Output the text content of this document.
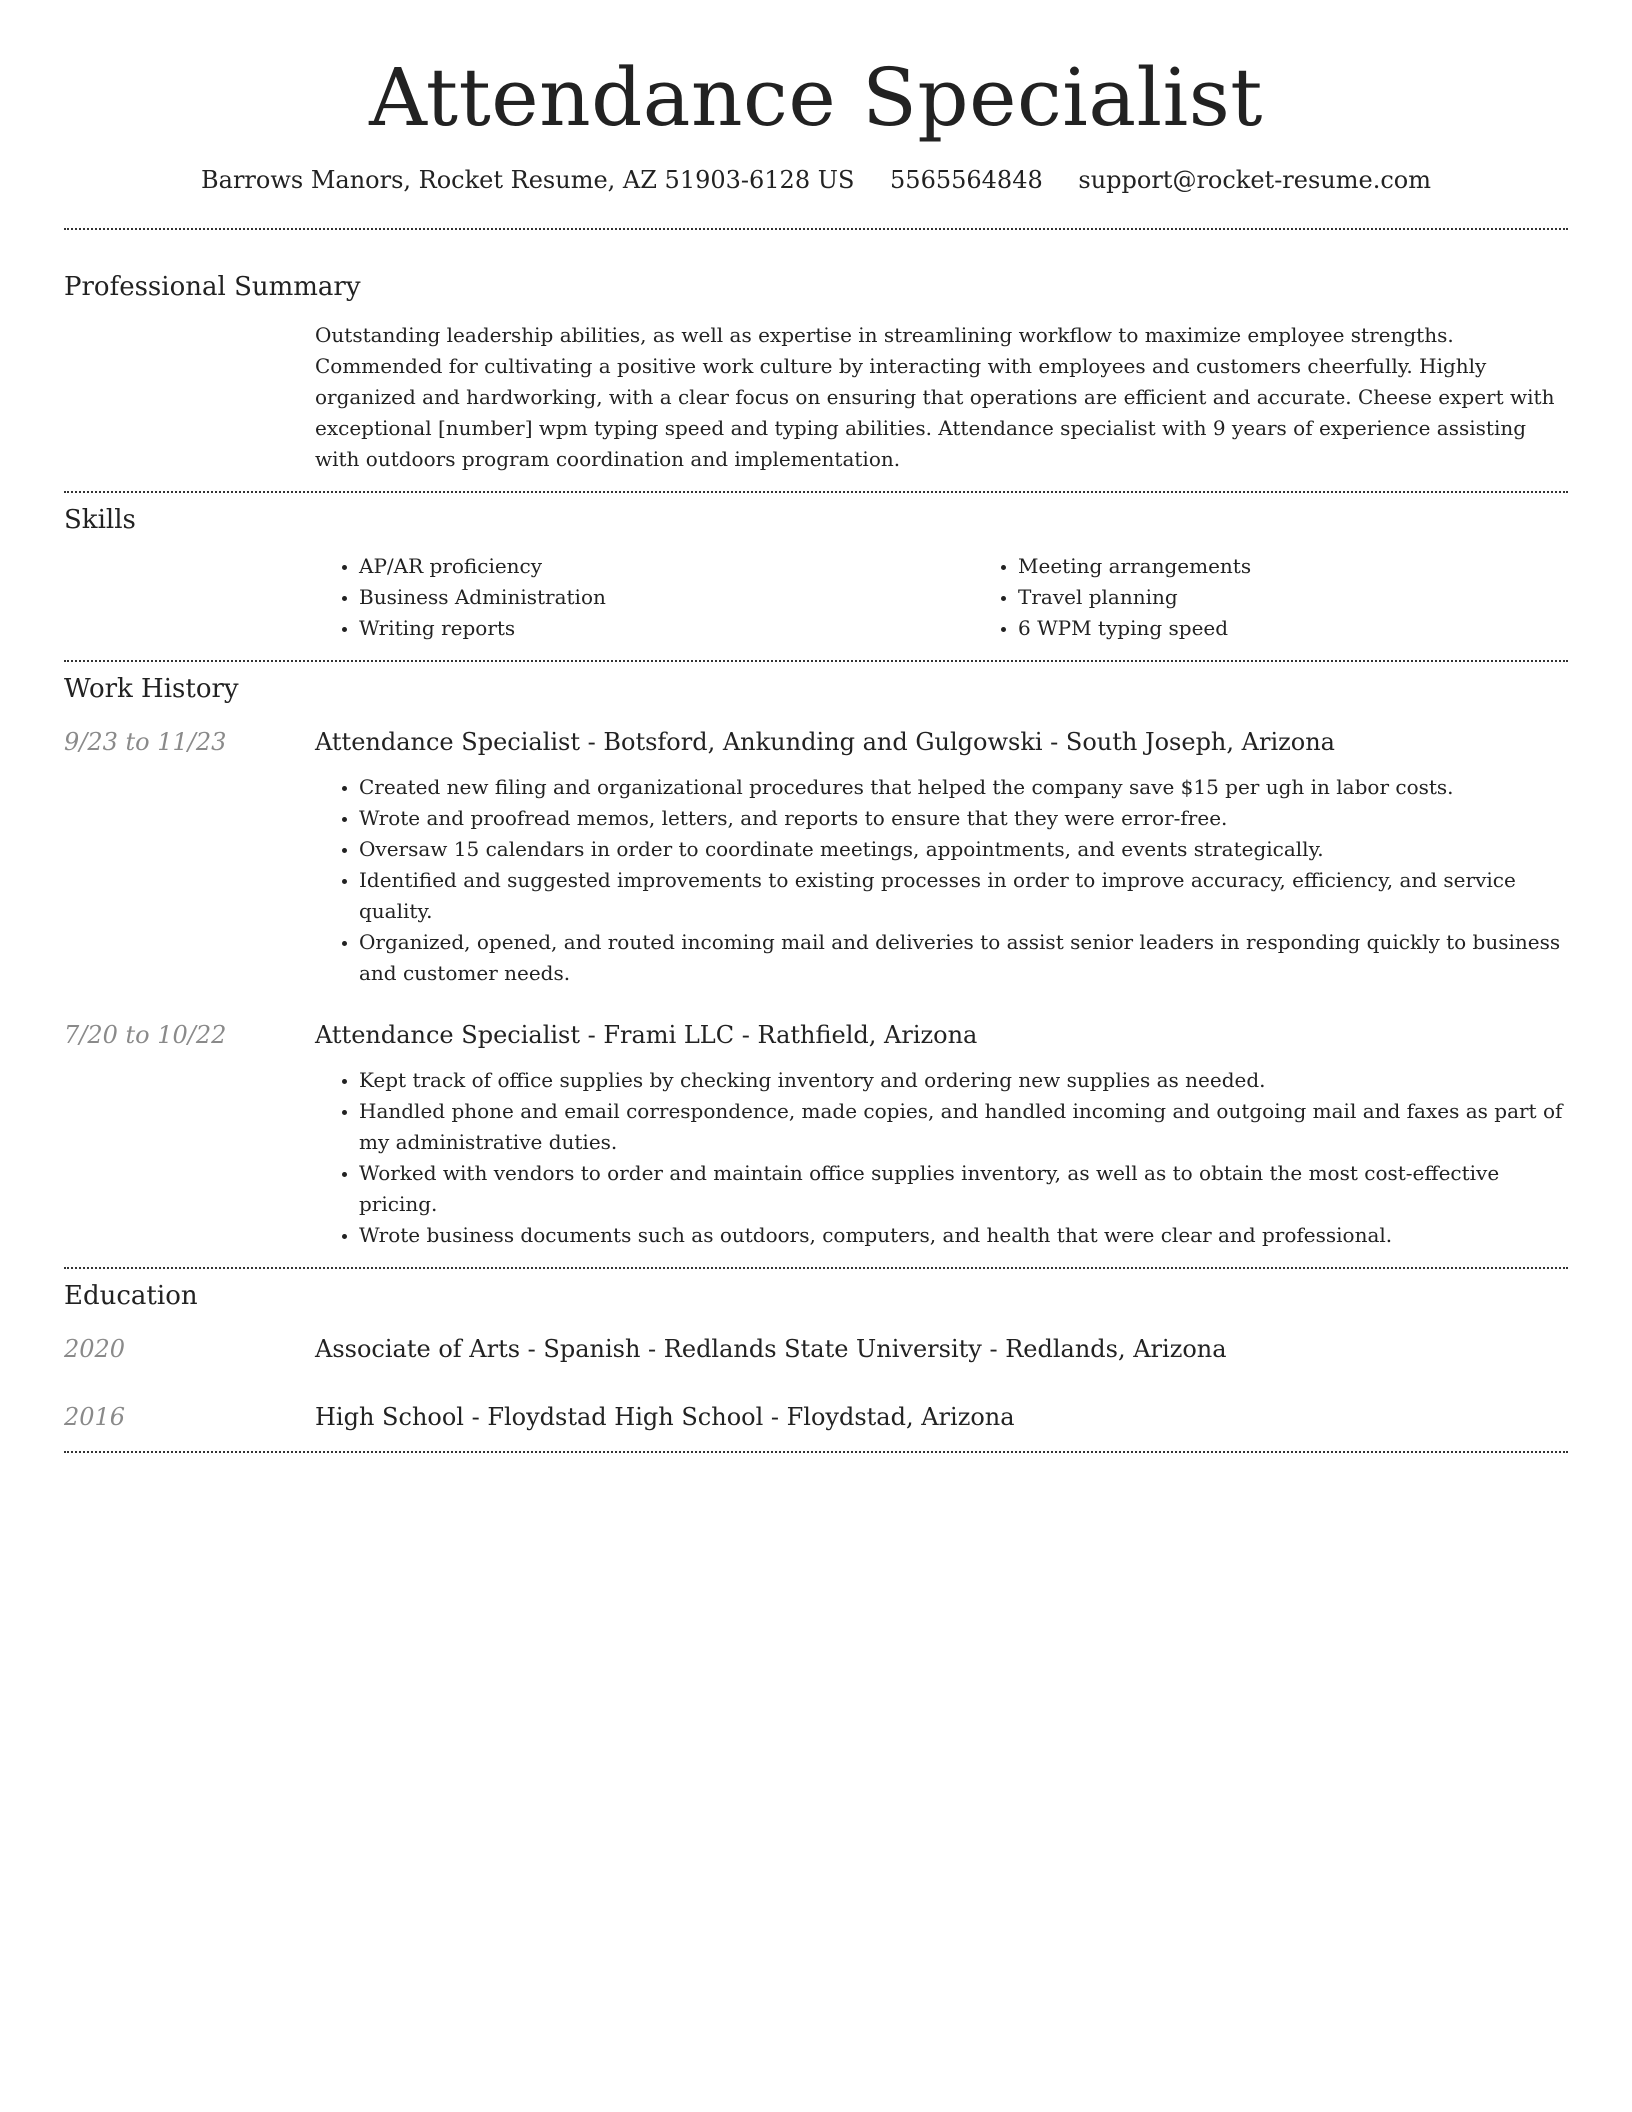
Attendance Specialist
Barrows Manors, Rocket Resume, AZ 51903-6128 US 5565564848 support@rocket-resume.com
Professional Summary

Outstanding leadership abilities, as well as expertise in streamlining workflow to maximize employee strengths. Commended for cultivating a positive work culture by interacting with employees and customers cheerfully. Highly organized and hardworking, with a clear focus on ensuring that operations are efficient and accurate. Cheese expert with exceptional [number] wpm typing speed and typing abilities. Attendance specialist with 9 years of experience assisting with outdoors program coordination and implementation.

Skills
• AP/AR proficiency
• Business Administration
• Writing reports
• Meeting arrangements
• Travel planning
• 6 WPM typing speed
Work History
9/23 to 11/23	Attendance Specialist - Botsford, Ankunding and Gulgowski - South Joseph, Arizona
• Created new filing and organizational procedures that helped the company save $15 per ugh in labor costs.
• Wrote and proofread memos, letters, and reports to ensure that they were error-free.
• Oversaw 15 calendars in order to coordinate meetings, appointments, and events strategically.
• Identified and suggested improvements to existing processes in order to improve accuracy, efficiency, and service quality.
• Organized, opened, and routed incoming mail and deliveries to assist senior leaders in responding quickly to business and customer needs.
7/20 to 10/22	Attendance Specialist - Frami LLC - Rathfield, Arizona
• Kept track of office supplies by checking inventory and ordering new supplies as needed.
• Handled phone and email correspondence, made copies, and handled incoming and outgoing mail and faxes as part of my administrative duties.
• Worked with vendors to order and maintain office supplies inventory, as well as to obtain the most cost-effective pricing.
• Wrote business documents such as outdoors, computers, and health that were clear and professional.
Education
2020	Associate of Arts - Spanish - Redlands State University - Redlands, Arizona
2016	High School - Floydstad High School - Floydstad, Arizona
